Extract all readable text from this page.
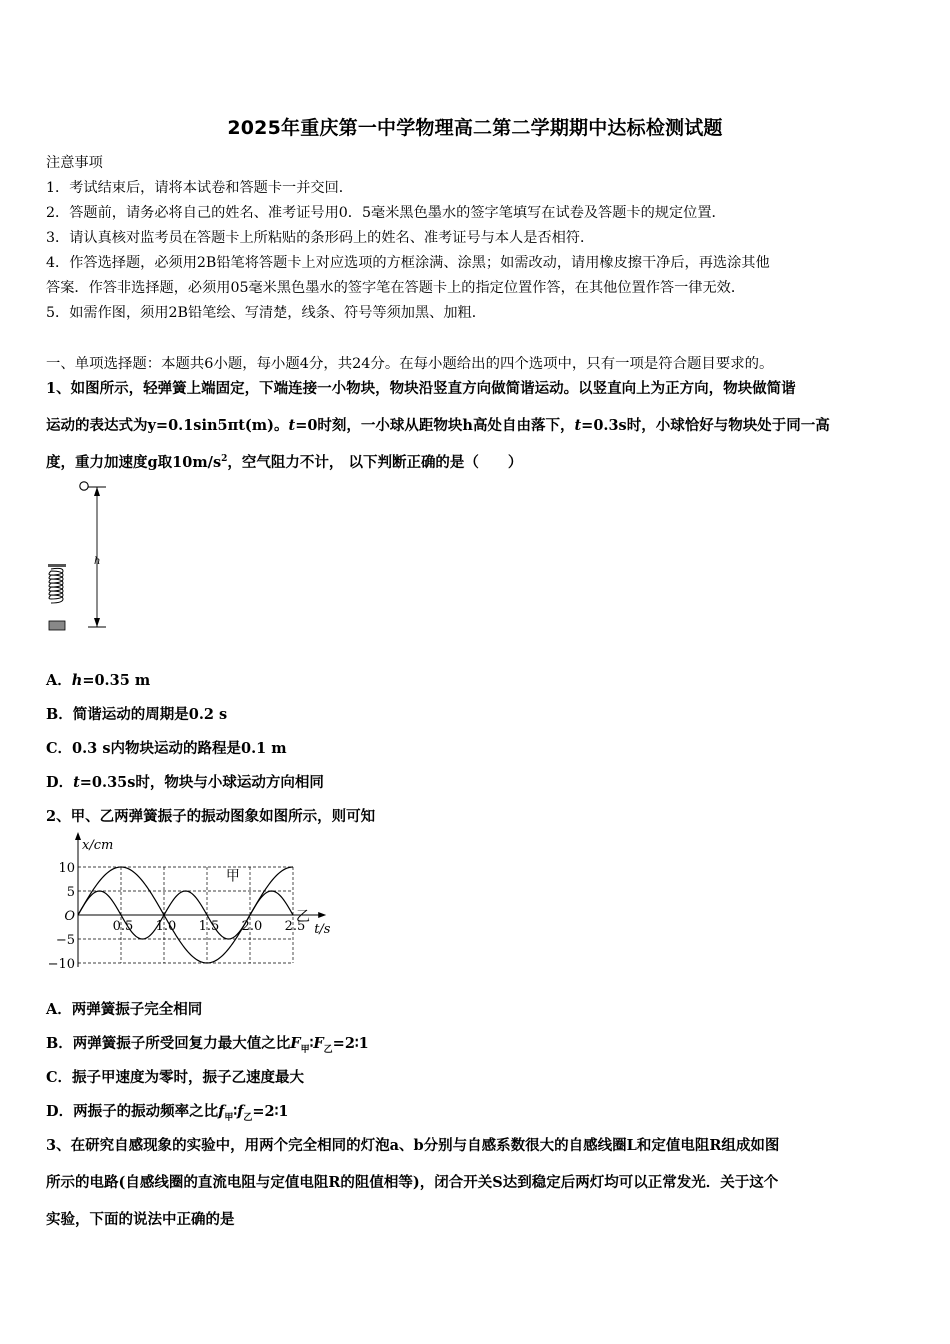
2025年重庆第一中学物理高二第二学期期中达标检测试题
注意事项
1．考试结束后，请将本试卷和答题卡一并交回．
2．答题前，请务必将自己的姓名、准考证号用0．5毫米黑色墨水的签字笔填写在试卷及答题卡的规定位置．
3．请认真核对监考员在答题卡上所粘贴的条形码上的姓名、准考证号与本人是否相符．
4．作答选择题，必须用2B铅笔将答题卡上对应选项的方框涂满、涂黑；如需改动，请用橡皮擦干净后，再选涂其他
答案．作答非选择题，必须用05毫米黑色墨水的签字笔在答题卡上的指定位置作答，在其他位置作答一律无效．
5．如需作图，须用2B铅笔绘、写清楚，线条、符号等须加黑、加粗．
一、单项选择题：本题共6小题，每小题4分，共24分。在每小题给出的四个选项中，只有一项是符合题目要求的。
1、如图所示，轻弹簧上端固定，下端连接一小物块，物块沿竖直方向做简谐运动。以竖直向上为正方向，物块做简谐
运动的表达式为y=0.1sin5πt(m)。t=0时刻，一小球从距物块h高处自由落下，t=0.3s时，小球恰好与物块处于同一高
度，重力加速度g取$10m/s^2$，空气阻力不计， 以下判断正确的是（　　）
h
A．h=0.35 m
B．简谐运动的周期是0.2 s
C．0.3 s内物块运动的路程是0.1 m
D．t=0.35s时，物块与小球运动方向相同
2、甲、乙两弹簧振子的振动图象如图所示，则可知
10
5
O
−5
−10
0.5 1.0 1.5 2.0 2.5
x/cm
t/s
甲
乙
A．两弹簧振子完全相同
B．两弹簧振子所受回复力最大值之比$F_甲∶F_乙=2∶1$
C．振子甲速度为零时，振子乙速度最大
D．两振子的振动频率之比$f_甲∶f_乙=2∶1$
3、在研究自感现象的实验中，用两个完全相同的灯泡a、b分别与自感系数很大的自感线圈L和定值电阻R组成如图
所示的电路(自感线圈的直流电阻与定值电阻R的阻值相等)，闭合开关S达到稳定后两灯均可以正常发光．关于这个
实验，下面的说法中正确的是
